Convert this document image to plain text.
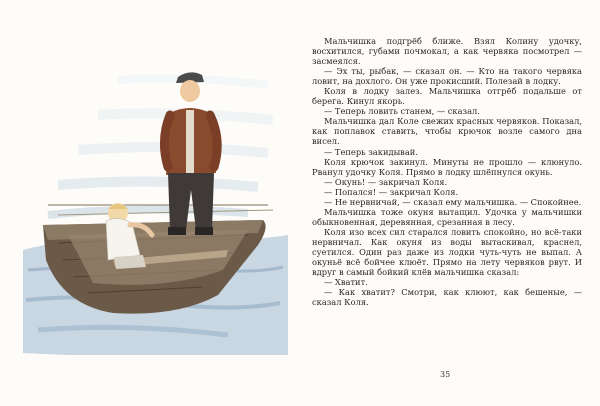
Мальчишка подгрёб ближе. Взял Колину удочку, восхитился, губами почмокал, а как червяка посмотрел — засмеялся.

— Эх ты, рыбак, — сказал он. — Кто на такого червяка ловит, на дохлого. Он уже прокисший. Полезай в лодку.

Коля в лодку залез. Мальчишка отгрёб подальше от берега. Кинул якорь.

— Теперь ловить станем, — сказал.

Мальчишка дал Коле свежих красных червяков. Показал, как поплавок ставить, чтобы крючок возле самого дна висел.

— Теперь закидывай.

Коля крючок закинул. Минуты не прошло — клюнуло. Рванул удочку Коля. Прямо в лодку шлёпнулся окунь.

— Окунь! — закричал Коля.

— Попался! — закричал Коля.

— Не нервничай, — сказал ему мальчишка. — Спокойнее.

Мальчишка тоже окуня вытащил. Удочка у мальчишки обыкновенная, деревянная, срезанная в лесу.

Коля изо всех сил старался ловить спокойно, но всё-таки нервничал. Как окуня из воды вытаскивал, краснел, суетился. Один раз даже из лодки чуть-чуть не выпал. А окуньё всё бойчее клюёт. Прямо на лету червяков рвут. И вдруг в самый бойкий клёв мальчишка сказал:

— Хватит.

— Как хватит? Смотри, как клюют, как бешеные, — сказал Коля.

35
